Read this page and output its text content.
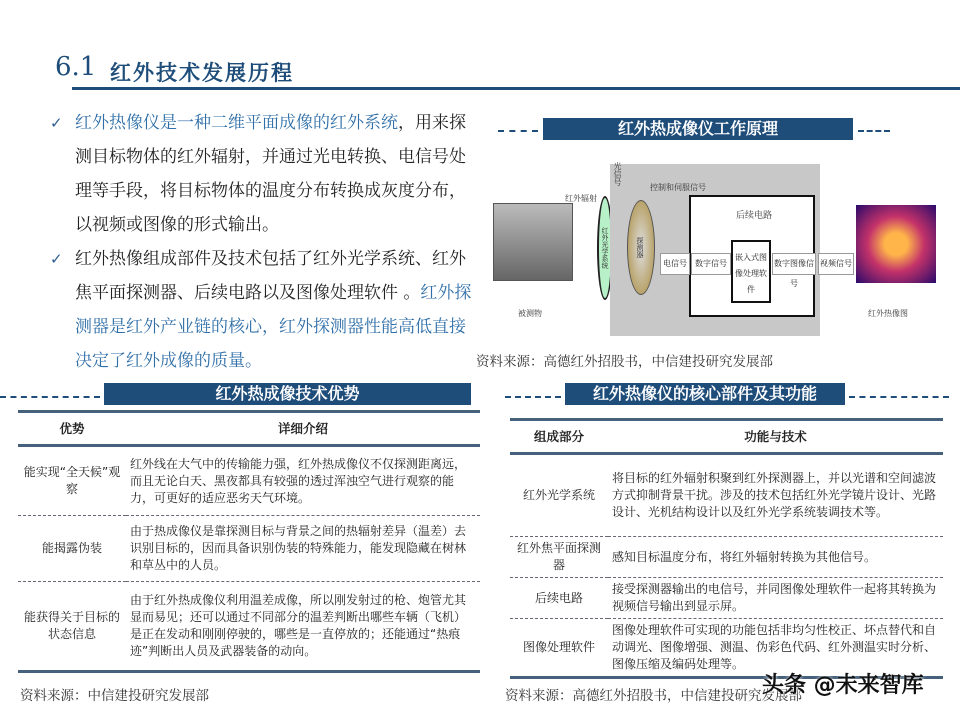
6.1 红外技术发展历程
✓ 红外热像仪是一种二维平面成像的红外系统，用来探测目标物体的红外辐射，并通过光电转换、电信号处理等手段，将目标物体的温度分布转换成灰度分布，以视频或图像的形式输出。
✓ 红外热像组成部件及技术包括了红外光学系统、红外焦平面探测器、后续电路以及图像处理软件 。红外探测器是红外产业链的核心，红外探测器性能高低直接决定了红外成像的质量。
红外热成像仪工作原理
被测物
红外辐射
红外光学系统
光信号
探测器
控制和伺服信号
后续电路
嵌入式图像处理软件
电信号	数字信号	数字图像信号
视频信号
红外热像图
资料来源：高德红外招股书，中信建投研究发展部
红外热成像技术优势
优势	详细介绍
能实现“全天候”观察	红外线在大气中的传输能力强，红外热成像仪不仅探测距离远，而且无论白天、黑夜都具有较强的透过浑浊空气进行观察的能力，可更好的适应恶劣天气环境。
能揭露伪装	由于热成像仪是靠探测目标与背景之间的热辐射差异（温差）去识别目标的，因而具备识别伪装的特殊能力，能发现隐藏在树林和草丛中的人员。
能获得关于目标的状态信息	由于红外热成像仪利用温差成像，所以刚发射过的枪、炮管尤其显而易见；还可以通过不同部分的温差判断出哪些车辆（飞机）是正在发动和刚刚停驶的，哪些是一直停放的；还能通过“热痕迹”判断出人员及武器装备的动向。
资料来源：中信建投研究发展部
红外热像仪的核心部件及其功能
组成部分	功能与技术
红外光学系统	将目标的红外辐射积聚到红外探测器上，并以光谱和空间滤波方式抑制背景干扰。涉及的技术包括红外光学镜片设计、光路设计、光机结构设计以及红外光学系统装调技术等。
红外焦平面探测器	感知目标温度分布，将红外辐射转换为其他信号。
后续电路	接受探测器输出的电信号，并同图像处理软件一起将其转换为视频信号输出到显示屏。
图像处理软件	图像处理软件可实现的功能包括非均匀性校正、坏点替代和自动调光、图像增强、测温、伪彩色代码、红外测温实时分析、图像压缩及编码处理等。
资料来源：高德红外招股书，中信建投研究发展部
头条 @未来智库
